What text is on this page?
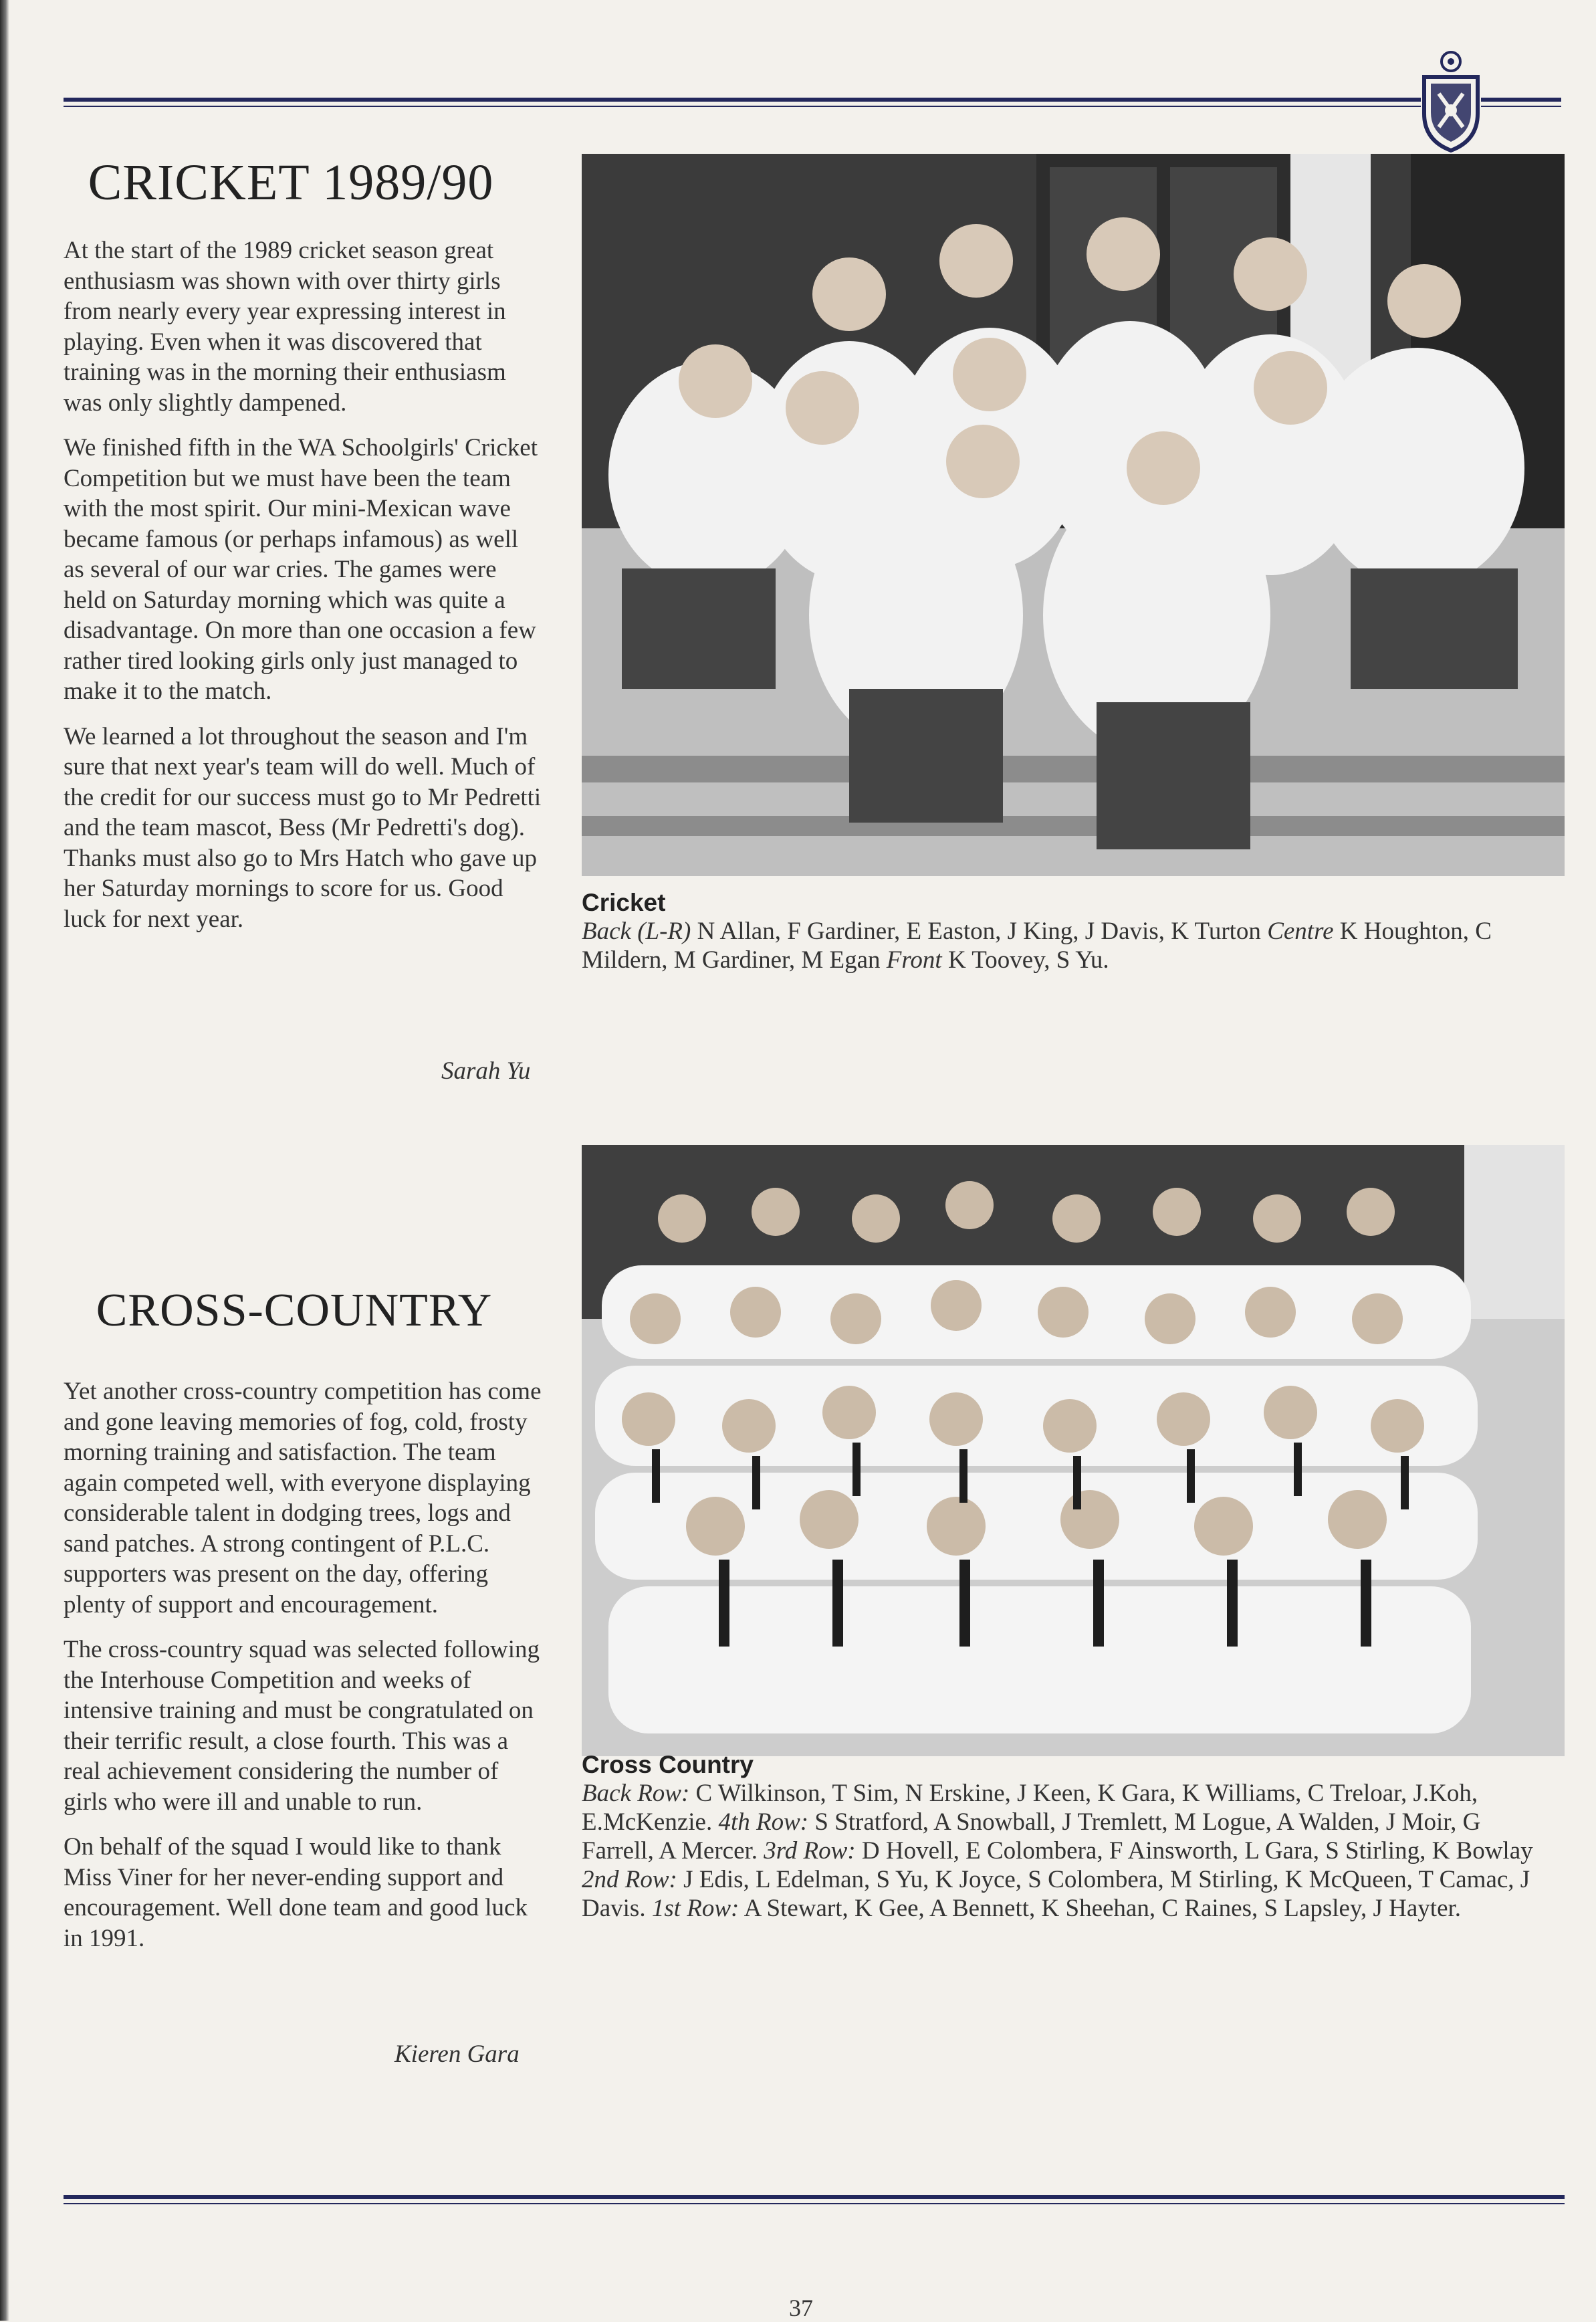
CRICKET 1989/90

At the start of the 1989 cricket season great enthusiasm was shown with over thirty girls from nearly every year expressing interest in playing. Even when it was discovered that training was in the morning their enthusiasm was only slightly dampened.

We finished fifth in the WA Schoolgirls' Cricket Competition but we must have been the team with the most spirit. Our mini-Mexican wave became famous (or perhaps infamous) as well as several of our war cries. The games were held on Saturday morning which was quite a disadvantage. On more than one occasion a few rather tired looking girls only just managed to make it to the match.

We learned a lot throughout the season and I'm sure that next year's team will do well. Much of the credit for our success must go to Mr Pedretti and the team mascot, Bess (Mr Pedretti's dog). Thanks must also go to Mrs Hatch who gave up her Saturday mornings to score for us. Good luck for next year.

Sarah Yu
Cricket
Back (L-R) N Allan, F Gardiner, E Easton, J King, J Davis, K Turton Centre K Houghton, C Mildern, M Gardiner, M Egan Front K Toovey, S Yu.
CROSS-COUNTRY

Yet another cross-country competition has come and gone leaving memories of fog, cold, frosty morning training and satisfaction. The team again competed well, with everyone displaying considerable talent in dodging trees, logs and sand patches. A strong contingent of P.L.C. supporters was present on the day, offering plenty of support and encouragement.

The cross-country squad was selected following the Interhouse Competition and weeks of intensive training and must be congratulated on their terrific result, a close fourth. This was a real achievement considering the number of girls who were ill and unable to run.

On behalf of the squad I would like to thank Miss Viner for her never-ending support and encouragement. Well done team and good luck in 1991.

Kieren Gara
Cross Country
Back Row: C Wilkinson, T Sim, N Erskine, J Keen, K Gara, K Williams, C Treloar, J.Koh, E.McKenzie. 4th Row: S Stratford, A Snowball, J Tremlett, M Logue, A Walden, J Moir, G Farrell, A Mercer. 3rd Row: D Hovell, E Colombera, F Ainsworth, L Gara, S Stirling, K Bowlay 2nd Row: J Edis, L Edelman, S Yu, K Joyce, S Colombera, M Stirling, K McQueen, T Camac, J Davis. 1st Row: A Stewart, K Gee, A Bennett, K Sheehan, C Raines, S Lapsley, J Hayter.
37
